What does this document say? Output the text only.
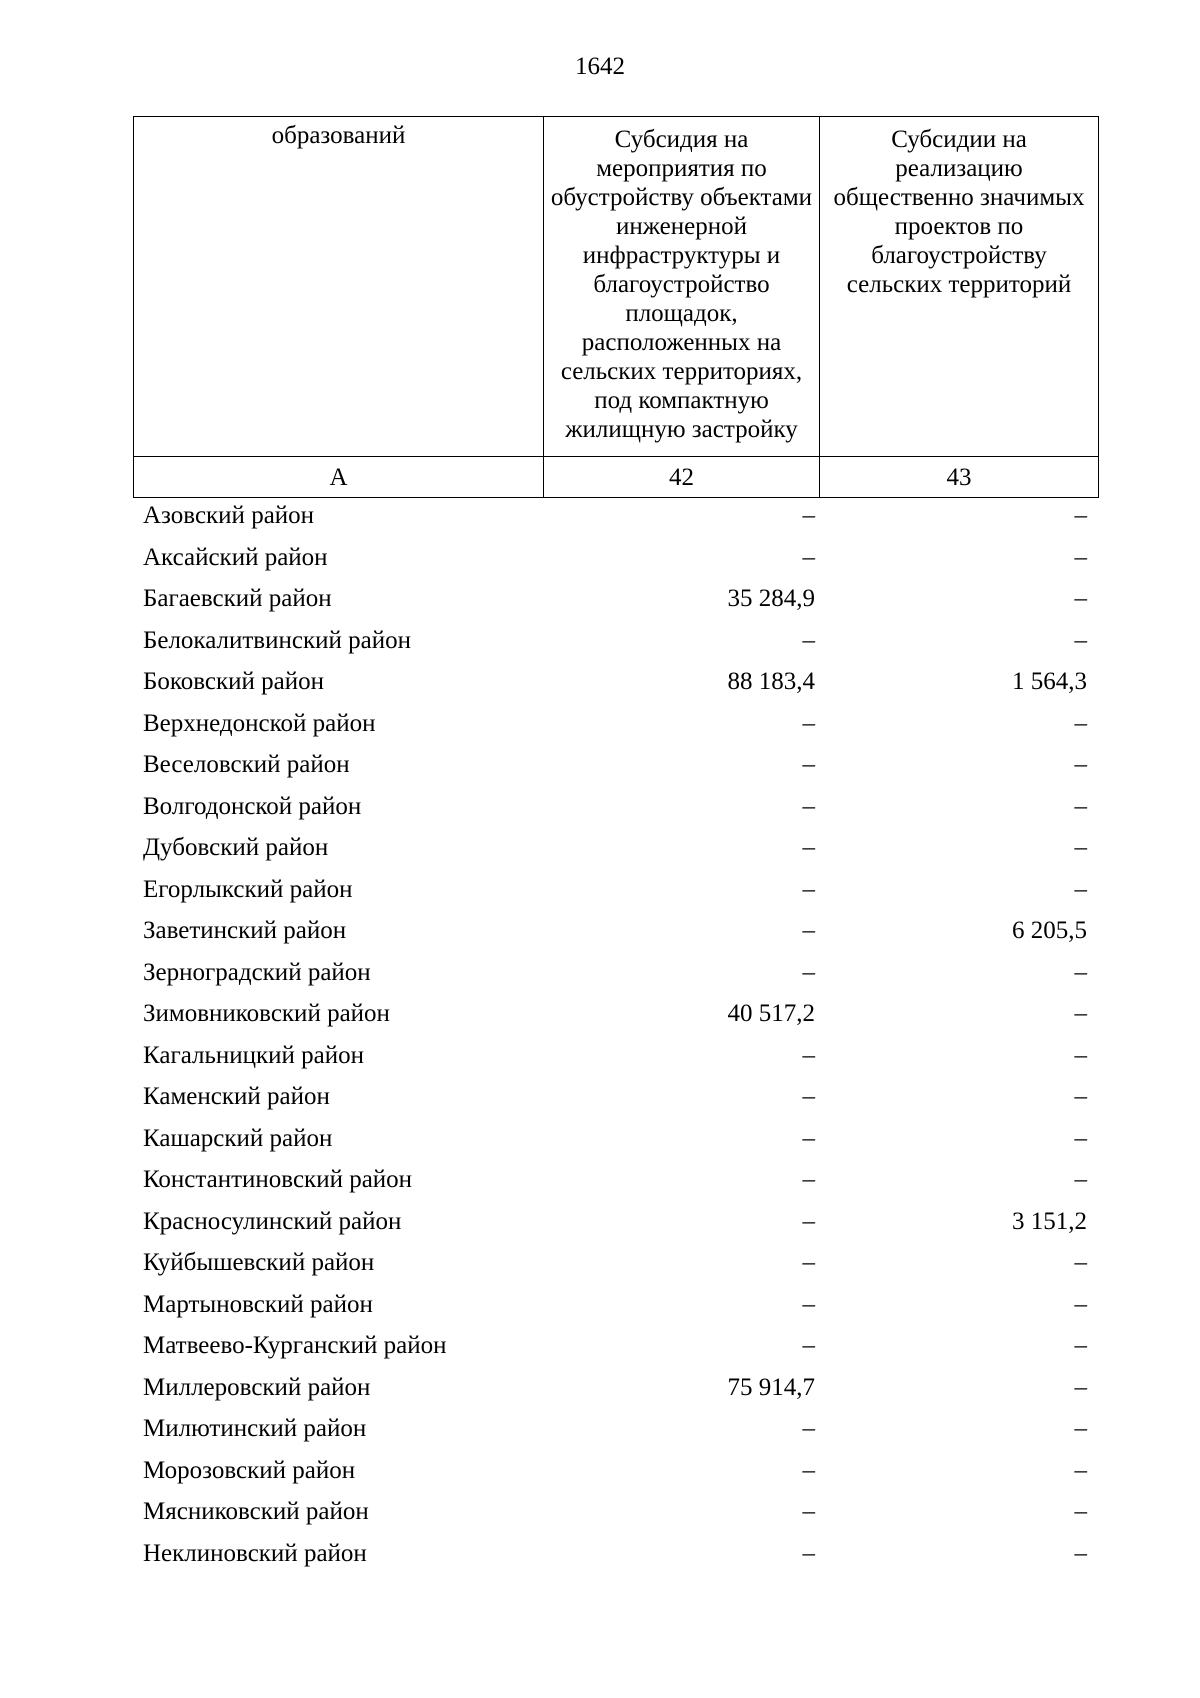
1642
образований	Субсидия на мероприятия по обустройству объектами инженерной инфраструктуры и благоустройство площадок, расположенных на сельских территориях, под компактную жилищную застройку	Субсидии на реализацию общественно значимых проектов по благоустройству сельских территорий

А	42	43
Азовский район	–	–
Аксайский район	–	–
Багаевский район	35 284,9	–
Белокалитвинский район	–	–
Боковский район	88 183,4	1 564,3
Верхнедонской район	–	–
Веселовский район	–	–
Волгодонской район	–	–
Дубовский район	–	–
Егорлыкский район	–	–
Заветинский район	–	6 205,5
Зерноградский район	–	–
Зимовниковский район	40 517,2	–
Кагальницкий район	–	–
Каменский район	–	–
Кашарский район	–	–
Константиновский район	–	–
Красносулинский район	–	3 151,2
Куйбышевский район	–	–
Мартыновский район	–	–
Матвеево-Курганский район	–	–
Миллеровский район	75 914,7	–
Милютинский район	–	–
Морозовский район	–	–
Мясниковский район	–	–
Неклиновский район	–	–
